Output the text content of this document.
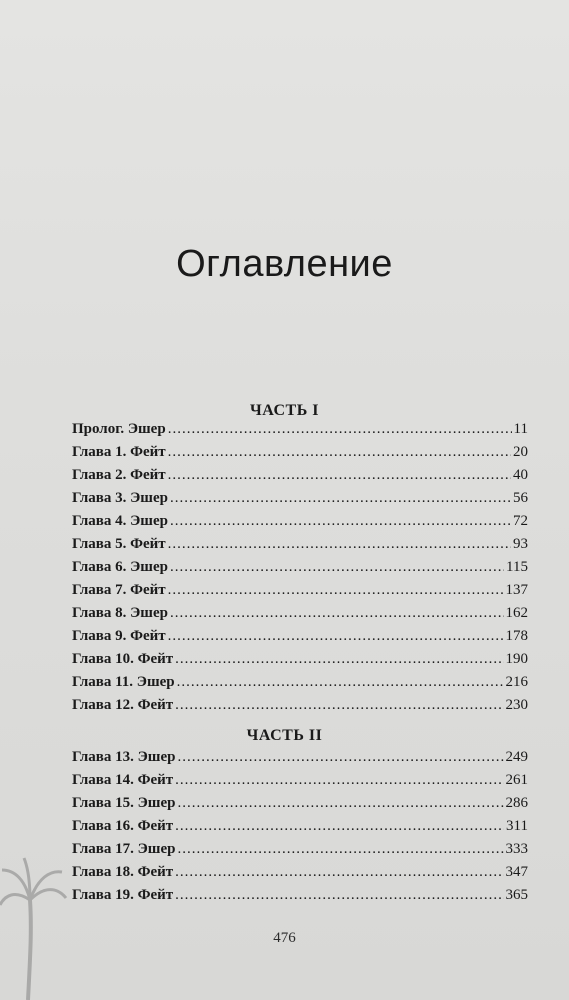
Оглавление
ЧАСТЬ I
Пролог. Эшер .....	11
Глава 1. Фейт .....	20
Глава 2. Фейт .....	40
Глава 3. Эшер .....	56
Глава 4. Эшер .....	72
Глава 5. Фейт .....	93
Глава 6. Эшер .....	115
Глава 7. Фейт .....	137
Глава 8. Эшер .....	162
Глава 9. Фейт .....	178
Глава 10. Фейт .....	190
Глава 11. Эшер .....	216
Глава 12. Фейт .....	230
ЧАСТЬ II
Глава 13. Эшер .....	249
Глава 14. Фейт .....	261
Глава 15. Эшер .....	286
Глава 16. Фейт .....	311
Глава 17. Эшер .....	333
Глава 18. Фейт .....	347
Глава 19. Фейт .....	365
476
